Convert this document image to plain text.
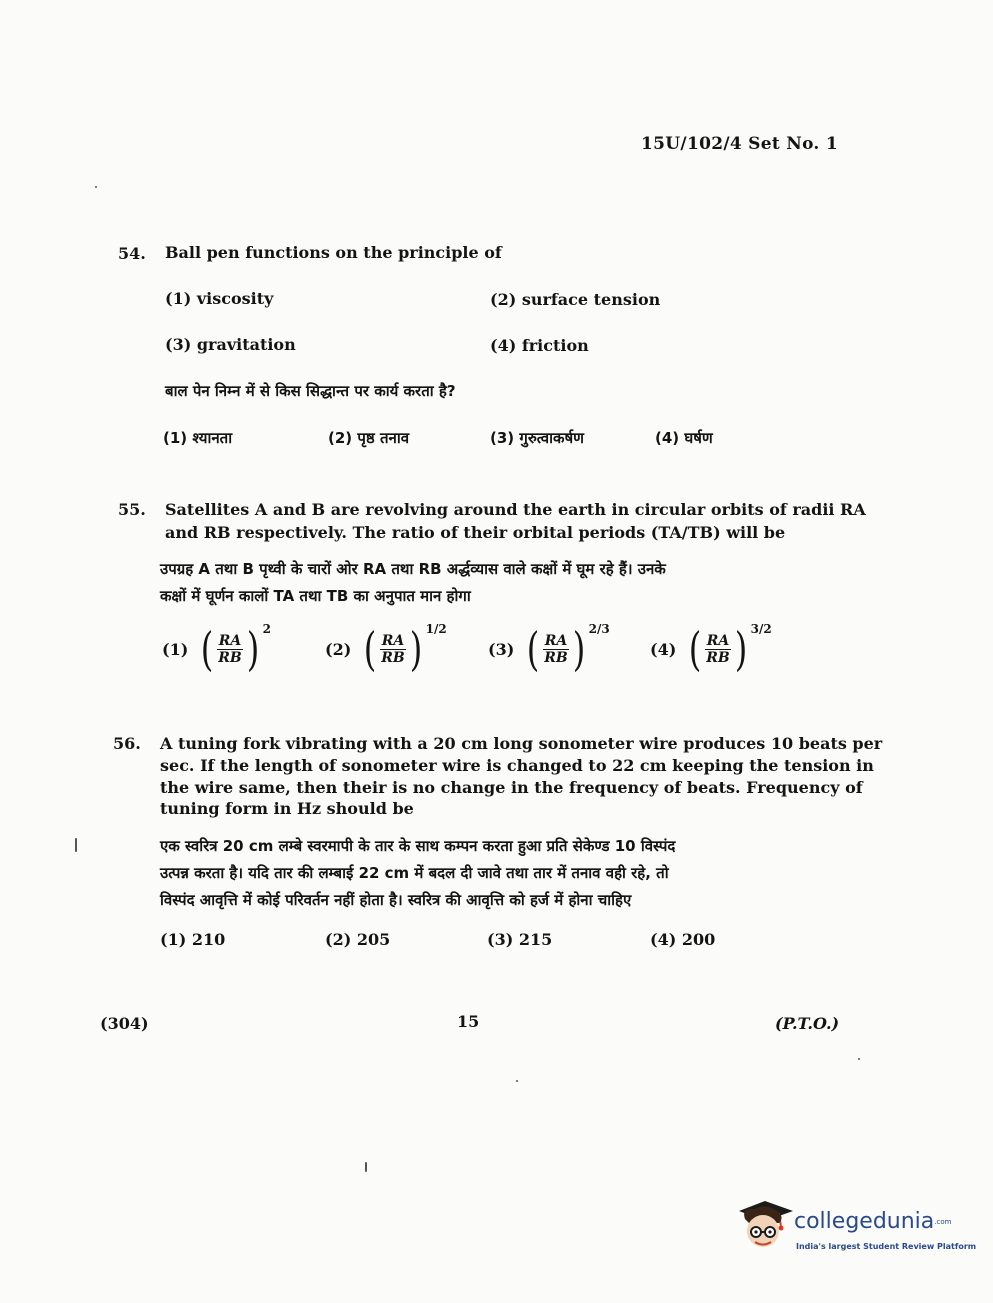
15U/102/4 Set No. 1
54. Ball pen functions on the principle of
(1) viscosity	(2) surface tension
(3) gravitation	(4) friction
बाल पेन निम्न में से किस सिद्धान्त पर कार्य करता है?
(1) श्यानता	(2) पृष्ठ तनाव	(3) गुरुत्वाकर्षण	(4) घर्षण
55. Satellites A and B are revolving around the earth in circular orbits of radii RA
and RB respectively. The ratio of their orbital periods (TA/TB) will be
उपग्रह A तथा B पृथ्वी के चारों ओर RA तथा RB अर्द्धव्यास वाले कक्षों में घूम रहे हैं। उनके
कक्षों में घूर्णन कालों TA तथा TB का अनुपात मान होगा
(1) ( $\frac{RA}{RB}$ ) 2
(2) ( $\frac{RA}{RB}$ ) 1/2
(3) ( $\frac{RA}{RB}$ ) 2/3
(4) ( $\frac{RA}{RB}$ ) 3/2
56. A tuning fork vibrating with a 20 cm long sonometer wire produces 10 beats per
sec. If the length of sonometer wire is changed to 22 cm keeping the tension in
the wire same, then their is no change in the frequency of beats. Frequency of
tuning form in Hz should be
एक स्वरित्र 20 cm लम्बे स्वरमापी के तार के साथ कम्पन करता हुआ प्रति सेकेण्ड 10 विस्पंद
उत्पन्न करता है। यदि तार की लम्बाई 22 cm में बदल दी जावे तथा तार में तनाव वही रहे, तो
विस्पंद आवृत्ति में कोई परिवर्तन नहीं होता है। स्वरित्र की आवृत्ति को हर्ज में होना चाहिए
(1) 210	(2) 205	(3) 215	(4) 200
(304)	15	(P.T.O.)
collegedunia.com
India's largest Student Review Platform
